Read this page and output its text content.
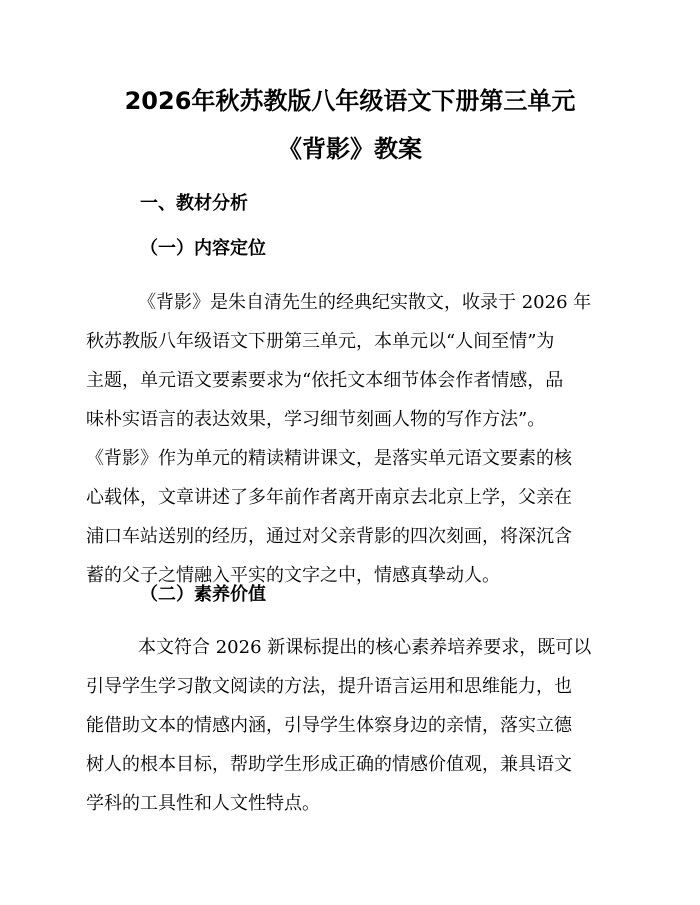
2026年秋苏教版八年级语文下册第三单元
《背影》教案
一、教材分析
（一）内容定位
《背影》是朱自清先生的经典纪实散文，收录于 2026 年
秋苏教版八年级语文下册第三单元，本单元以“人间至情”为
主题，单元语文要素要求为“依托文本细节体会作者情感，品
味朴实语言的表达效果，学习细节刻画人物的写作方法”。
《背影》作为单元的精读精讲课文，是落实单元语文要素的核
心载体，文章讲述了多年前作者离开南京去北京上学，父亲在
浦口车站送别的经历，通过对父亲背影的四次刻画，将深沉含
蓄的父子之情融入平实的文字之中，情感真挚动人。
（二）素养价值
本文符合 2026 新课标提出的核心素养培养要求，既可以
引导学生学习散文阅读的方法，提升语言运用和思维能力，也
能借助文本的情感内涵，引导学生体察身边的亲情，落实立德
树人的根本目标，帮助学生形成正确的情感价值观，兼具语文
学科的工具性和人文性特点。
